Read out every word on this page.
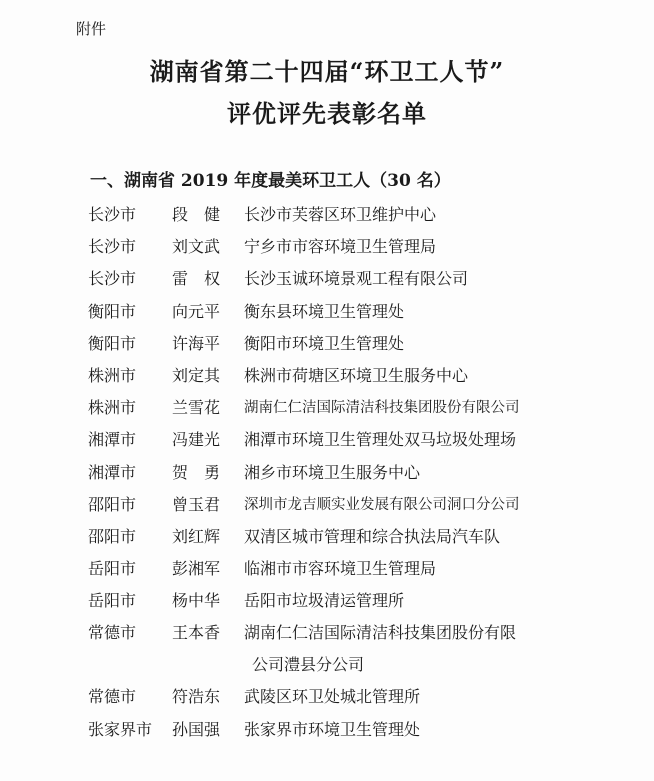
附件
湖南省第二十四届“环卫工人节”
评优评先表彰名单
一、湖南省 2019 年度最美环卫工人（30 名）
长沙市 段　健 长沙市芙蓉区环卫维护中心
长沙市 刘文武 宁乡市市容环境卫生管理局
长沙市 雷　权 长沙玉诚环境景观工程有限公司
衡阳市 向元平 衡东县环境卫生管理处
衡阳市 许海平 衡阳市环境卫生管理处
株洲市 刘定其 株洲市荷塘区环境卫生服务中心
株洲市 兰雪花 湖南仁仁洁国际清洁科技集团股份有限公司
湘潭市 冯建光 湘潭市环境卫生管理处双马垃圾处理场
湘潭市 贺　勇 湘乡市环境卫生服务中心
邵阳市 曾玉君 深圳市龙吉顺实业发展有限公司洞口分公司
邵阳市 刘红辉 双清区城市管理和综合执法局汽车队
岳阳市 彭湘军 临湘市市容环境卫生管理局
岳阳市 杨中华 岳阳市垃圾清运管理所
常德市 王本香 湖南仁仁洁国际清洁科技集团股份有限
公司澧县分公司
常德市 符浩东 武陵区环卫处城北管理所
张家界市 孙国强 张家界市环境卫生管理处
